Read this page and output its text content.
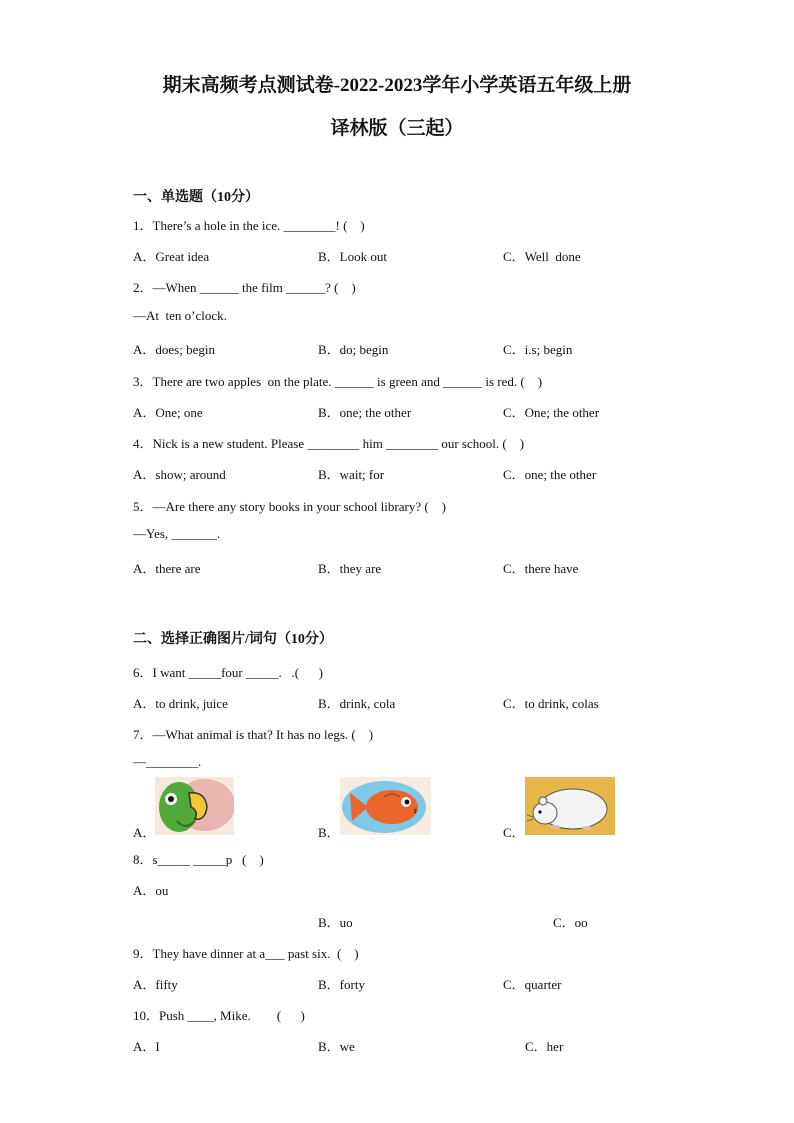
期末高频考点测试卷-2022-2023学年小学英语五年级上册
译林版（三起）
一、单选题（10分）
1．There’s a hole in the ice. ________! (    )
A．Great idea	B．Look out	C．Well  done
2．—When ______ the film ______? (    )
—At  ten o’clock.
A．does; begin	B．do; begin	C．i.s; begin
3．There are two apples  on the plate. ______ is green and ______ is red. (    )
A．One; one	B．one; the other	C．One; the other
4．Nick is a new student. Please ________ him ________ our school. (    )
A．show; around	B．wait; for	C．one; the other
5．—Are there any story books in your school library? (    )
—Yes, _______.
A．there are	B．they are	C．there have
二、选择正确图片/词句（10分）
6．I want _____four _____.   .(      )
A．to drink, juice	B．drink, cola	C．to drink, colas
7．—What animal is that? It has no legs. (    )
—________.
A．	B．	C．
8．s_____ _____p   (    )
A．ou
B．uo	C．oo
9．They have dinner at a___ past six.  (    )
A．fifty	B．forty	C．quarter
10．Push ____, Mike.        (      )
A．I	B．we	C．her
